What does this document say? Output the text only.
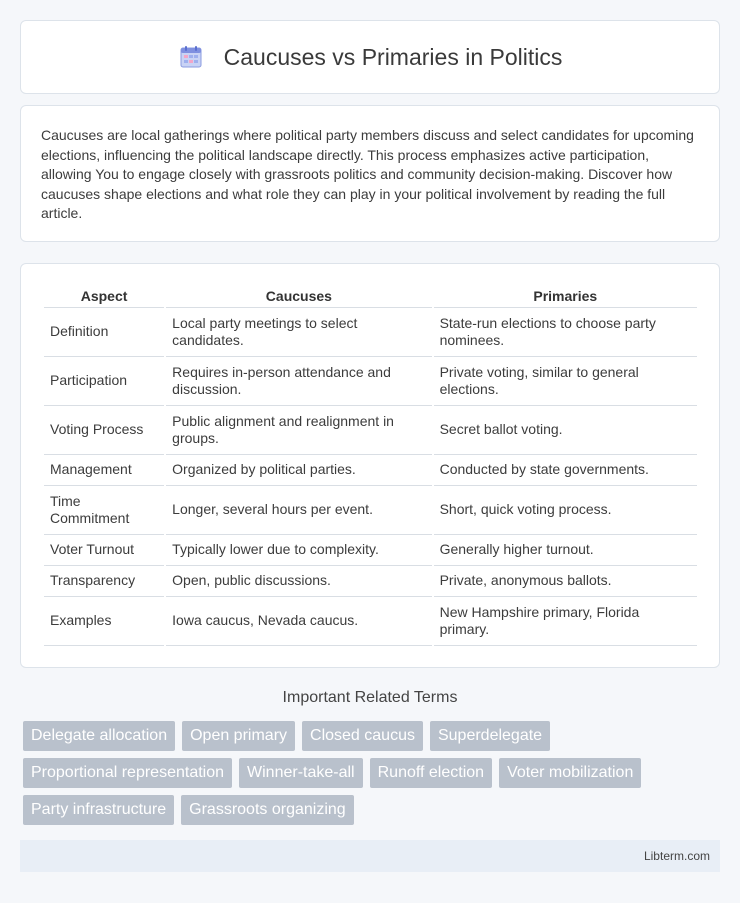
Caucuses vs Primaries in Politics

Caucuses are local gatherings where political party members discuss and select candidates for upcoming elections, influencing the political landscape directly. This process emphasizes active participation, allowing You to engage closely with grassroots politics and community decision-making. Discover how caucuses shape elections and what role they can play in your political involvement by reading the full article.

Aspect	Caucuses	Primaries
Definition	Local party meetings to select candidates.	State-run elections to choose party nominees.
Participation	Requires in-person attendance and discussion.	Private voting, similar to general elections.
Voting Process	Public alignment and realignment in groups.	Secret ballot voting.
Management	Organized by political parties.	Conducted by state governments.
Time Commitment	Longer, several hours per event.	Short, quick voting process.
Voter Turnout	Typically lower due to complexity.	Generally higher turnout.
Transparency	Open, public discussions.	Private, anonymous ballots.
Examples	Iowa caucus, Nevada caucus.	New Hampshire primary, Florida primary.
Important Related Terms
Delegate allocation	Open primary	Closed caucus	Superdelegate
Proportional representation	Winner-take-all	Runoff election	Voter mobilization
Party infrastructure	Grassroots organizing
Libterm.com
